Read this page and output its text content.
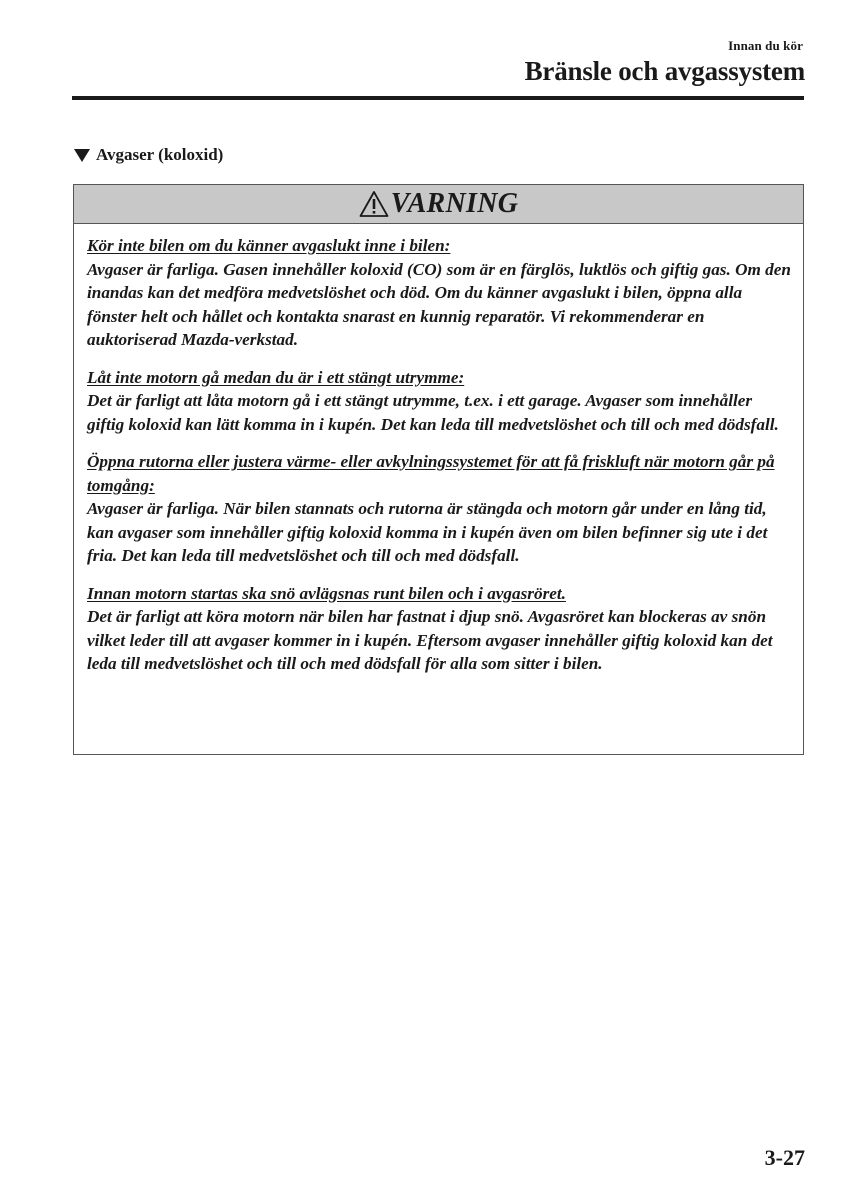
Innan du kör
Bränsle och avgassystem
Avgaser (koloxid)
VARNING
Kör inte bilen om du känner avgaslukt inne i bilen:
Avgaser är farliga. Gasen innehåller koloxid (CO) som är en färglös, luktlös och giftig gas. Om den inandas kan det medföra medvetslöshet och död. Om du känner avgaslukt i bilen, öppna alla fönster helt och hållet och kontakta snarast en kunnig reparatör. Vi rekommenderar en auktoriserad Mazda-verkstad.
Låt inte motorn gå medan du är i ett stängt utrymme:
Det är farligt att låta motorn gå i ett stängt utrymme, t.ex. i ett garage. Avgaser som innehåller giftig koloxid kan lätt komma in i kupén. Det kan leda till medvetslöshet och till och med dödsfall.
Öppna rutorna eller justera värme- eller avkylningssystemet för att få friskluft när motorn går på tomgång:
Avgaser är farliga. När bilen stannats och rutorna är stängda och motorn går under en lång tid, kan avgaser som innehåller giftig koloxid komma in i kupén även om bilen befinner sig ute i det fria. Det kan leda till medvetslöshet och till och med dödsfall.
Innan motorn startas ska snö avlägsnas runt bilen och i avgasröret.
Det är farligt att köra motorn när bilen har fastnat i djup snö. Avgasröret kan blockeras av snön vilket leder till att avgaser kommer in i kupén. Eftersom avgaser innehåller giftig koloxid kan det leda till medvetslöshet och till och med dödsfall för alla som sitter i bilen.
3-27
